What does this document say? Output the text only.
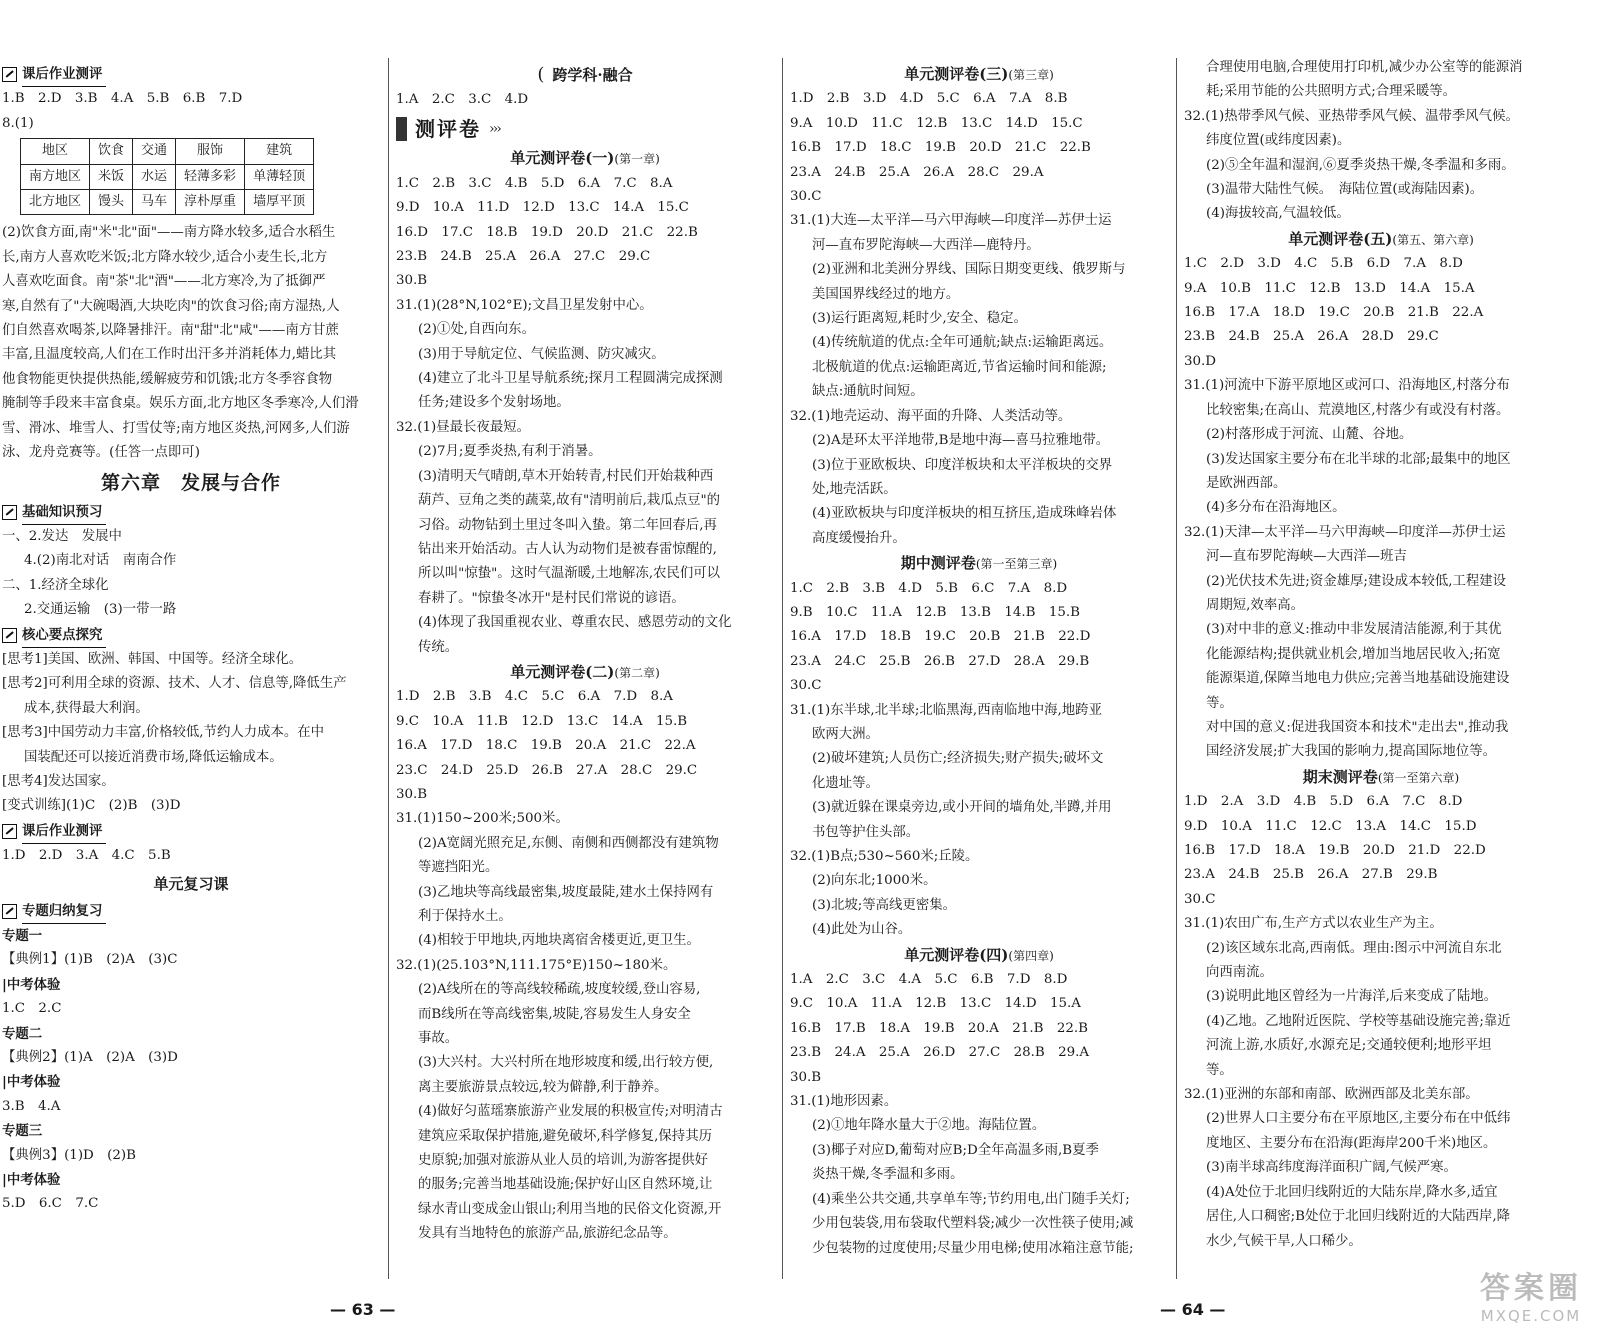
课后作业测评
1.B　2.D　3.B　4.A　5.B　6.B　7.D
8.(1)
地区	饮食	交通	服饰	建筑
南方地区	米饭	水运	轻薄多彩	单薄轻顶
北方地区	馒头	马车	淳朴厚重	墙厚平顶
(2)饮食方面,南"米"北"面"——南方降水较多,适合水稻生
长,南方人喜欢吃米饭;北方降水较少,适合小麦生长,北方
人喜欢吃面食。南"茶"北"酒"——北方寒冷,为了抵御严
寒,自然有了"大碗喝酒,大块吃肉"的饮食习俗;南方湿热,人
们自然喜欢喝茶,以降暑排汗。南"甜"北"咸"——南方甘蔗
丰富,且温度较高,人们在工作时出汗多并消耗体力,蜡比其
他食物能更快提供热能,缓解疲劳和饥饿;北方冬季容食物
腌制等手段来丰富食桌。娱乐方面,北方地区冬季寒冷,人们滑
雪、滑冰、堆雪人、打雪仗等;南方地区炎热,河网多,人们游
泳、龙舟竞赛等。(任答一点即可)
第六章　发展与合作
基础知识预习
一、2.发达　发展中
4.(2)南北对话　南南合作
二、1.经济全球化
2.交通运输　(3)一带一路
核心要点探究
[思考1]美国、欧洲、韩国、中国等。经济全球化。
[思考2]可利用全球的资源、技术、人才、信息等,降低生产
成本,获得最大利润。
[思考3]中国劳动力丰富,价格较低,节约人力成本。在中
国装配还可以接近消费市场,降低运输成本。
[思考4]发达国家。
[变式训练](1)C　(2)B　(3)D
课后作业测评
1.D　2.D　3.A　4.C　5.B
单元复习课
专题归纳复习
专题一
【典例1】(1)B　(2)A　(3)C
|中考体验
1.C　2.C
专题二
【典例2】(1)A　(2)A　(3)D
|中考体验
3.B　4.A
专题三
【典例3】(1)D　(2)B
|中考体验
5.D　6.C　7.C
( 跨学科·融合
1.A　2.C　3.C　4.D
测评卷 ›››
单元测评卷(一)(第一章)
1.C　2.B　3.C　4.B　5.D　6.A　7.C　8.A
9.D　10.A　11.D　12.D　13.C　14.A　15.C
16.D　17.C　18.B　19.D　20.D　21.C　22.B
23.B　24.B　25.A　26.A　27.C　29.C
30.B
31.(1)(28°N,102°E);文昌卫星发射中心。
(2)①处,自西向东。
(3)用于导航定位、气候监测、防灾减灾。
(4)建立了北斗卫星导航系统;探月工程圆满完成探测
任务;建设多个发射场地。
32.(1)昼最长夜最短。
(2)7月;夏季炎热,有利于消暑。
(3)清明天气晴朗,草木开始转青,村民们开始栽种西
葫芦、豆角之类的蔬菜,故有"清明前后,栽瓜点豆"的
习俗。动物钻到土里过冬叫入蛰。第二年回春后,再
钻出来开始活动。古人认为动物们是被春雷惊醒的,
所以叫"惊蛰"。这时气温渐暖,土地解冻,农民们可以
春耕了。"惊蛰冬冰开"是村民们常说的谚语。
(4)体现了我国重视农业、尊重农民、感恩劳动的文化
传统。
单元测评卷(二)(第二章)
1.D　2.B　3.B　4.C　5.C　6.A　7.D　8.A
9.C　10.A　11.B　12.D　13.C　14.A　15.B
16.A　17.D　18.C　19.B　20.A　21.C　22.A
23.C　24.D　25.D　26.B　27.A　28.C　29.C
30.B
31.(1)150~200米;500米。
(2)A宽阔光照充足,东侧、南侧和西侧都没有建筑物
等遮挡阳光。
(3)乙地块等高线最密集,坡度最陡,建水土保持网有
利于保持水土。
(4)相较于甲地块,丙地块离宿舍楼更近,更卫生。
32.(1)(25.103°N,111.175°E)150~180米。
(2)A线所在的等高线较稀疏,坡度较缓,登山容易,
而B线所在等高线密集,坡陡,容易发生人身安全
事故。
(3)大兴村。大兴村所在地形坡度和缓,出行较方便,
离主要旅游景点较远,较为僻静,利于静养。
(4)做好匀蓝瑶寨旅游产业发展的积极宣传;对明清古
建筑应采取保护措施,避免破坏,科学修复,保持其历
史原貌;加强对旅游从业人员的培训,为游客提供好
的服务;完善当地基础设施;保护好山区自然环境,让
绿水青山变成金山银山;利用当地的民俗文化资源,开
发具有当地特色的旅游产品,旅游纪念品等。
单元测评卷(三)(第三章)
1.D　2.B　3.D　4.D　5.C　6.A　7.A　8.B
9.A　10.D　11.C　12.B　13.C　14.D　15.C
16.B　17.D　18.C　19.B　20.D　21.C　22.B
23.A　24.B　25.A　26.A　28.C　29.A
30.C
31.(1)大连—太平洋—马六甲海峡—印度洋—苏伊士运
河—直布罗陀海峡—大西洋—鹿特丹。
(2)亚洲和北美洲分界线、国际日期变更线、俄罗斯与
美国国界线经过的地方。
(3)运行距离短,耗时少,安全、稳定。
(4)传统航道的优点:全年可通航;缺点:运输距离远。
北极航道的优点:运输距离近,节省运输时间和能源;
缺点:通航时间短。
32.(1)地壳运动、海平面的升降、人类活动等。
(2)A是环太平洋地带,B是地中海—喜马拉雅地带。
(3)位于亚欧板块、印度洋板块和太平洋板块的交界
处,地壳活跃。
(4)亚欧板块与印度洋板块的相互挤压,造成珠峰岩体
高度缓慢抬升。
期中测评卷(第一至第三章)
1.C　2.B　3.B　4.D　5.B　6.C　7.A　8.D
9.B　10.C　11.A　12.B　13.B　14.B　15.B
16.A　17.D　18.B　19.C　20.B　21.B　22.D
23.A　24.C　25.B　26.B　27.D　28.A　29.B
30.C
31.(1)东半球,北半球;北临黑海,西南临地中海,地跨亚
欧两大洲。
(2)破坏建筑;人员伤亡;经济损失;财产损失;破坏文
化遗址等。
(3)就近躲在课桌旁边,或小开间的墙角处,半蹲,并用
书包等护住头部。
32.(1)B点;530~560米;丘陵。
(2)向东北;1000米。
(3)北坡;等高线更密集。
(4)此处为山谷。
单元测评卷(四)(第四章)
1.A　2.C　3.C　4.A　5.C　6.B　7.D　8.D
9.C　10.A　11.A　12.B　13.C　14.D　15.A
16.B　17.B　18.A　19.B　20.A　21.B　22.B
23.B　24.A　25.A　26.D　27.C　28.B　29.A
30.B
31.(1)地形因素。
(2)①地年降水量大于②地。海陆位置。
(3)椰子对应D,葡萄对应B;D全年高温多雨,B夏季
炎热干燥,冬季温和多雨。
(4)乘坐公共交通,共享单车等;节约用电,出门随手关灯;
少用包装袋,用布袋取代塑料袋;减少一次性筷子使用;减
少包装物的过度使用;尽量少用电梯;使用冰箱注意节能;
合理使用电脑,合理使用打印机,减少办公室等的能源消
耗;采用节能的公共照明方式;合理采暖等。
32.(1)热带季风气候、亚热带季风气候、温带季风气候。
纬度位置(或纬度因素)。
(2)⑤全年温和湿润,⑥夏季炎热干燥,冬季温和多雨。
(3)温带大陆性气候。　海陆位置(或海陆因素)。
(4)海拔较高,气温较低。
单元测评卷(五)(第五、第六章)
1.C　2.D　3.D　4.C　5.B　6.D　7.A　8.D
9.A　10.B　11.C　12.B　13.D　14.A　15.A
16.B　17.A　18.D　19.C　20.B　21.B　22.A
23.B　24.B　25.A　26.A　28.D　29.C
30.D
31.(1)河流中下游平原地区或河口、沿海地区,村落分布
比较密集;在高山、荒漠地区,村落少有或没有村落。
(2)村落形成于河流、山麓、谷地。
(3)发达国家主要分布在北半球的北部;最集中的地区
是欧洲西部。
(4)多分布在沿海地区。
32.(1)天津—太平洋—马六甲海峡—印度洋—苏伊士运
河—直布罗陀海峡—大西洋—班吉
(2)光伏技术先进;资金雄厚;建设成本较低,工程建设
周期短,效率高。
(3)对中非的意义:推动中非发展清洁能源,利于其优
化能源结构;提供就业机会,增加当地居民收入;拓宽
能源渠道,保障当地电力供应;完善当地基础设施建设
等。
对中国的意义:促进我国资本和技术"走出去",推动我
国经济发展;扩大我国的影响力,提高国际地位等。
期末测评卷(第一至第六章)
1.D　2.A　3.D　4.B　5.D　6.A　7.C　8.D
9.D　10.A　11.C　12.C　13.A　14.C　15.D
16.B　17.D　18.A　19.B　20.D　21.D　22.D
23.A　24.B　25.B　26.A　27.B　29.B
30.C
31.(1)农田广布,生产方式以农业生产为主。
(2)该区域东北高,西南低。理由:图示中河流自东北
向西南流。
(3)说明此地区曾经为一片海洋,后来变成了陆地。
(4)乙地。乙地附近医院、学校等基础设施完善;靠近
河流上游,水质好,水源充足;交通较便利;地形平坦
等。
32.(1)亚洲的东部和南部、欧洲西部及北美东部。
(2)世界人口主要分布在平原地区,主要分布在中低纬
度地区、主要分布在沿海(距海岸200千米)地区。
(3)南半球高纬度海洋面积广阔,气候严寒。
(4)A处位于北回归线附近的大陆东岸,降水多,适宜
居住,人口稠密;B处位于北回归线附近的大陆西岸,降
水少,气候干旱,人口稀少。
— 63 —	— 64 —
答案圈
MXQE.COM
